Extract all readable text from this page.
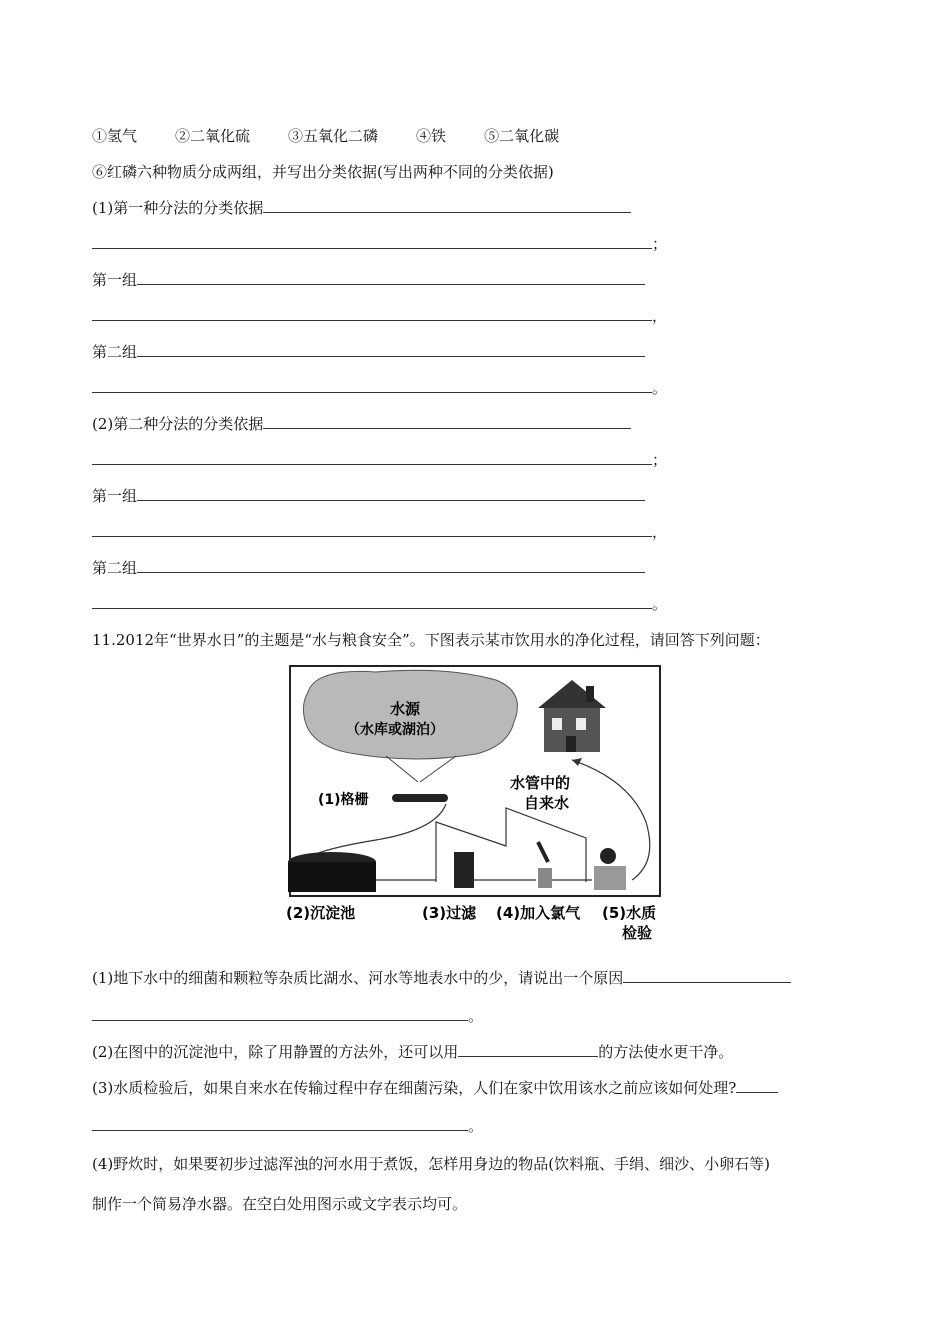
①氢气	②二氧化硫	③五氧化二磷	④铁	⑤二氧化碳
⑥红磷六种物质分成两组，并写出分类依据(写出两种不同的分类依据)
(1)第一种分法的分类依据
；
第一组
，
第二组
。
(2)第二种分法的分类依据
；
第一组
，
第二组
。
11.2012年“世界水日”的主题是“水与粮食安全”。下图表示某市饮用水的净化过程，请回答下列问题：
水源
（水库或湖泊）
(1)格栅
水管中的
自来水
(2)沉淀池	(3)过滤 (4)加入氯气 (5)水质
检验
(1)地下水中的细菌和颗粒等杂质比湖水、河水等地表水中的少，请说出一个原因
。
(2)在图中的沉淀池中，除了用静置的方法外，还可以用	的方法使水更干净。
(3)水质检验后，如果自来水在传输过程中存在细菌污染，人们在家中饮用该水之前应该如何处理?
。
(4)野炊时，如果要初步过滤浑浊的河水用于煮饭，怎样用身边的物品(饮料瓶、手绢、细沙、小卵石等)
制作一个简易净水器。在空白处用图示或文字表示均可。
